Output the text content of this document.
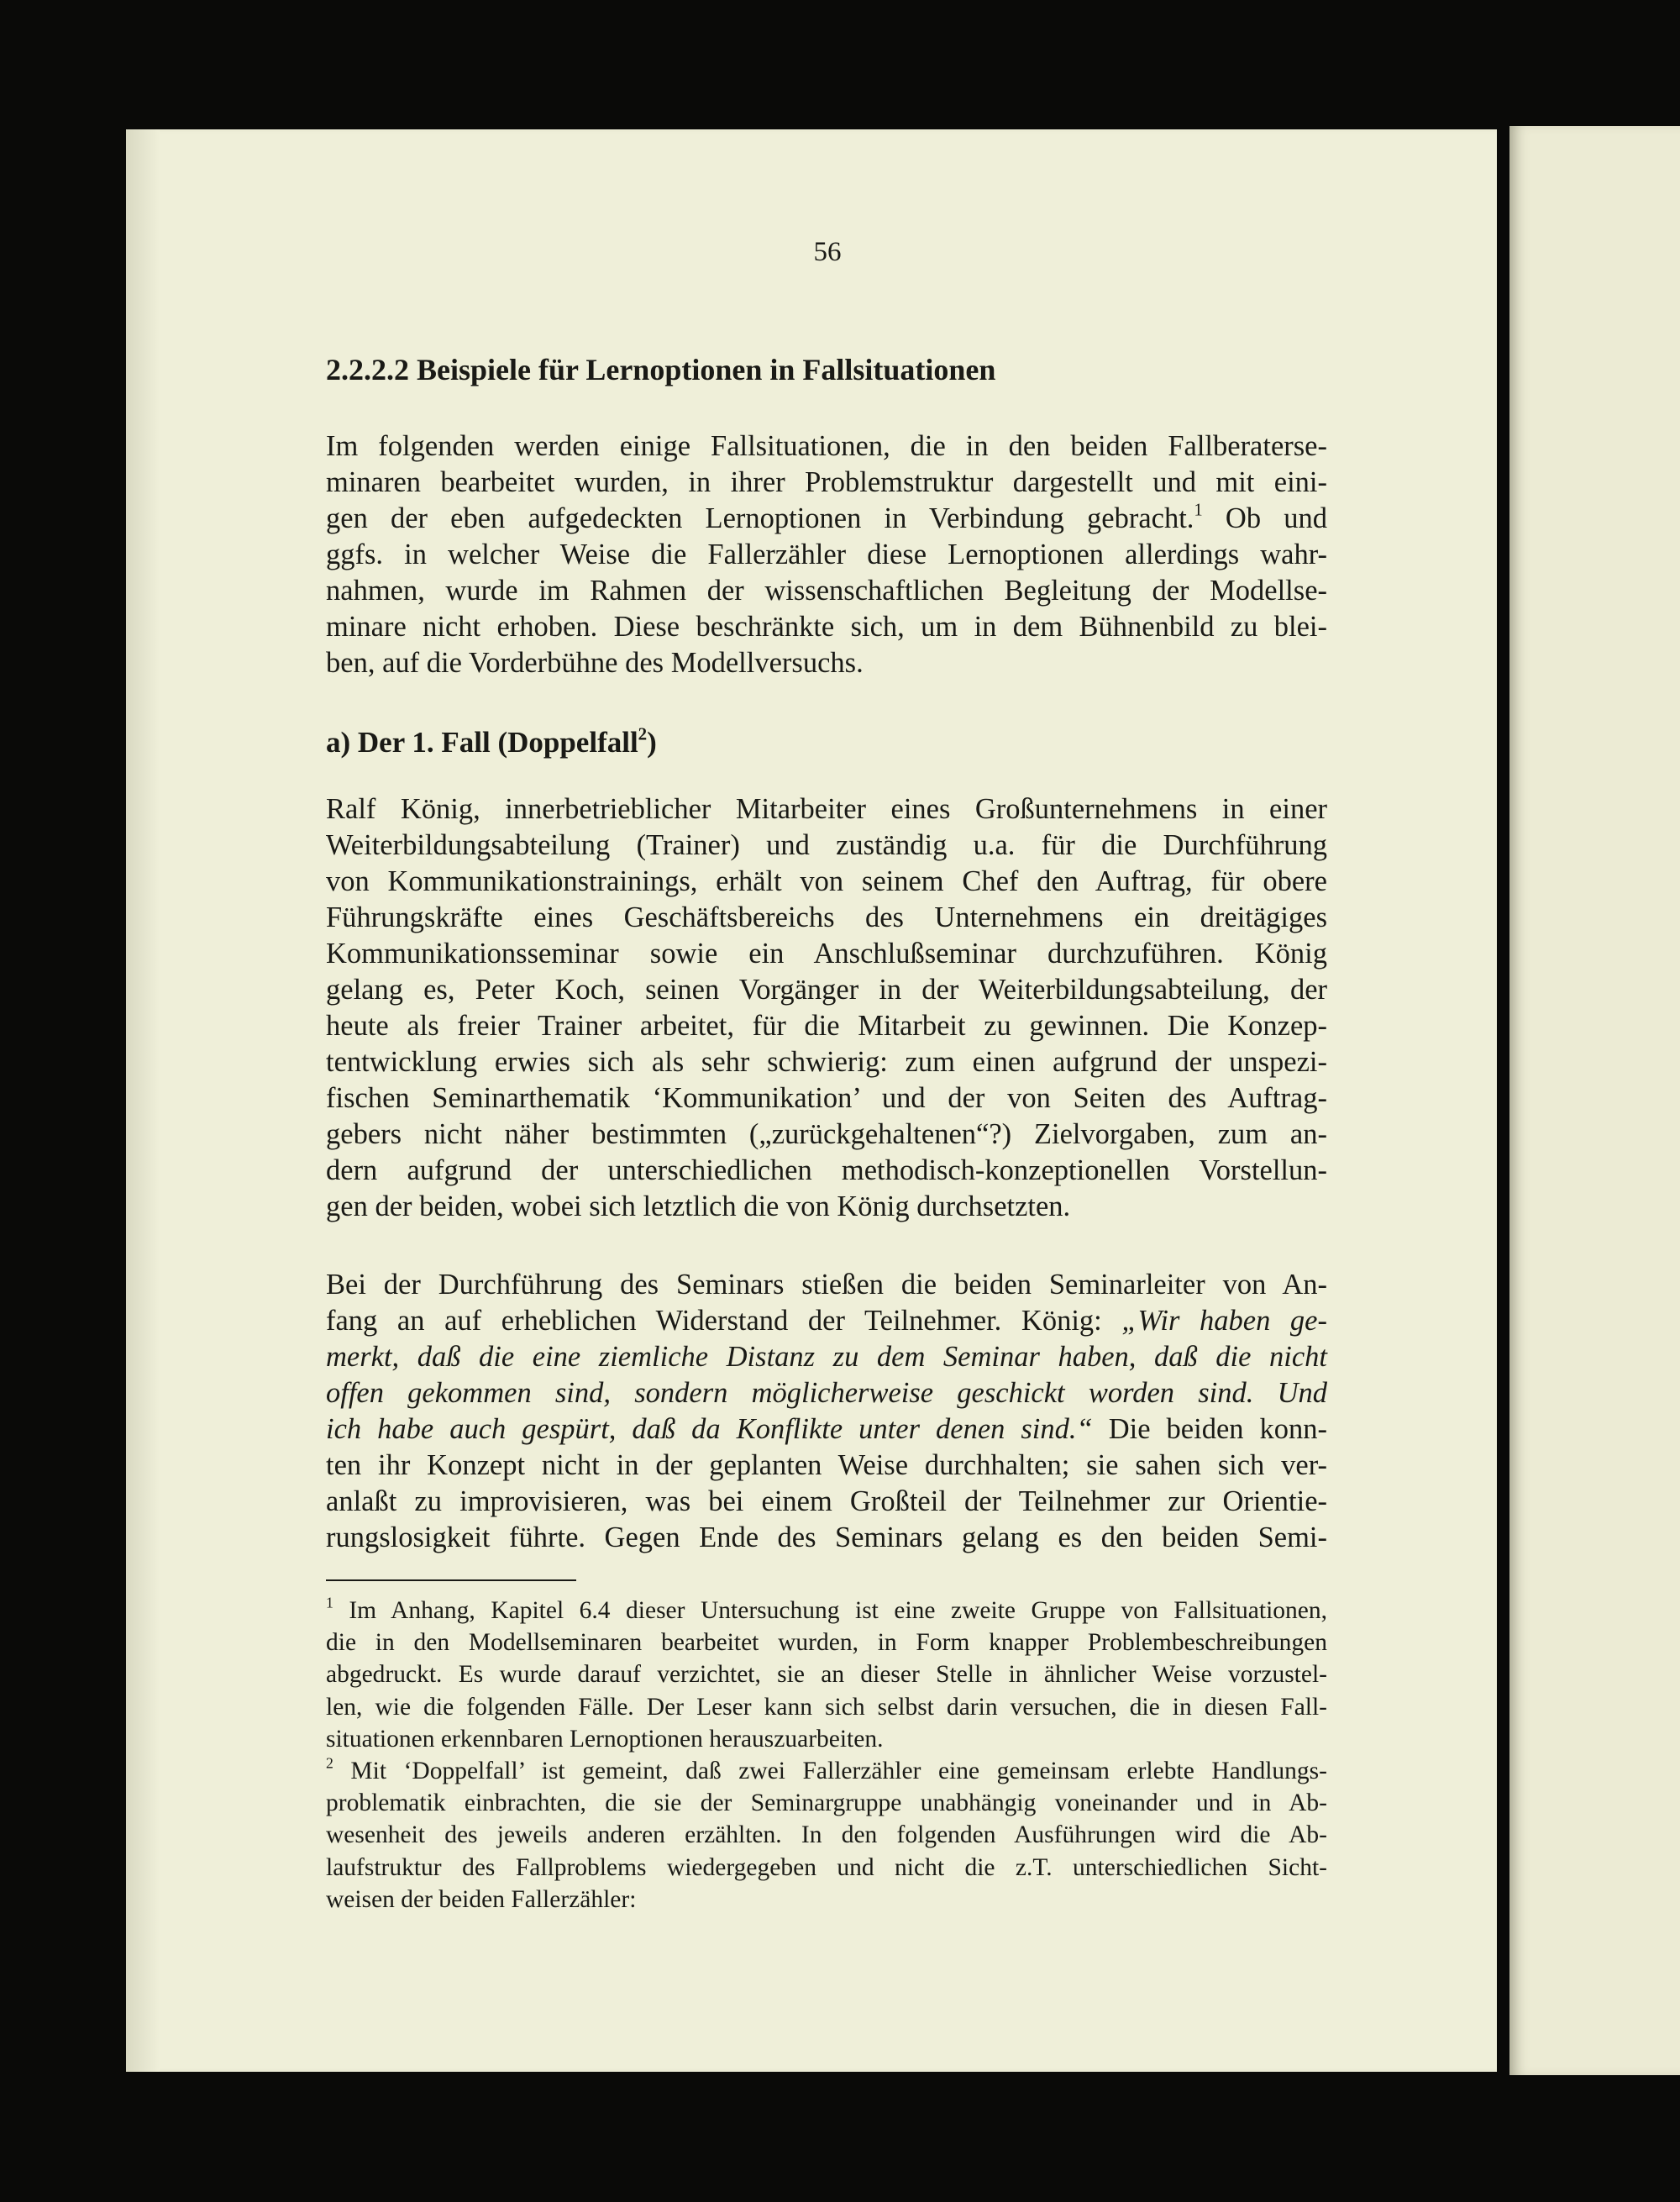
56
2.2.2.2 Beispiele für Lernoptionen in Fallsituationen
Im folgenden werden einige Fallsituationen, die in den beiden Fallberaterse-
minaren bearbeitet wurden, in ihrer Problemstruktur dargestellt und mit eini-
gen der eben aufgedeckten Lernoptionen in Verbindung gebracht.$^1$ Ob und
ggfs. in welcher Weise die Fallerzähler diese Lernoptionen allerdings wahr-
nahmen, wurde im Rahmen der wissenschaftlichen Begleitung der Modellse-
minare nicht erhoben. Diese beschränkte sich, um in dem Bühnenbild zu blei-
ben, auf die Vorderbühne des Modellversuchs.
a) Der 1. Fall (Doppelfall$^2$)
Ralf König, innerbetrieblicher Mitarbeiter eines Großunternehmens in einer
Weiterbildungsabteilung (Trainer) und zuständig u.a. für die Durchführung
von Kommunikationstrainings, erhält von seinem Chef den Auftrag, für obere
Führungskräfte eines Geschäftsbereichs des Unternehmens ein dreitägiges
Kommunikationsseminar sowie ein Anschlußseminar durchzuführen. König
gelang es, Peter Koch, seinen Vorgänger in der Weiterbildungsabteilung, der
heute als freier Trainer arbeitet, für die Mitarbeit zu gewinnen. Die Konzep-
tentwicklung erwies sich als sehr schwierig: zum einen aufgrund der unspezi-
fischen Seminarthematik ‘Kommunikation’ und der von Seiten des Auftrag-
gebers nicht näher bestimmten („zurückgehaltenen“?) Zielvorgaben, zum an-
dern aufgrund der unterschiedlichen methodisch-konzeptionellen Vorstellun-
gen der beiden, wobei sich letztlich die von König durchsetzten.
Bei der Durchführung des Seminars stießen die beiden Seminarleiter von An-
fang an auf erheblichen Widerstand der Teilnehmer. König: „Wir haben ge-
merkt, daß die eine ziemliche Distanz zu dem Seminar haben, daß die nicht
offen gekommen sind, sondern möglicherweise geschickt worden sind. Und
ich habe auch gespürt, daß da Konflikte unter denen sind.“ Die beiden konn-
ten ihr Konzept nicht in der geplanten Weise durchhalten; sie sahen sich ver-
anlaßt zu improvisieren, was bei einem Großteil der Teilnehmer zur Orientie-
rungslosigkeit führte. Gegen Ende des Seminars gelang es den beiden Semi-
$^1$ Im Anhang, Kapitel 6.4 dieser Untersuchung ist eine zweite Gruppe von Fallsituationen,
die in den Modellseminaren bearbeitet wurden, in Form knapper Problembeschreibungen
abgedruckt. Es wurde darauf verzichtet, sie an dieser Stelle in ähnlicher Weise vorzustel-
len, wie die folgenden Fälle. Der Leser kann sich selbst darin versuchen, die in diesen Fall-
situationen erkennbaren Lernoptionen herauszuarbeiten.
$^2$ Mit ‘Doppelfall’ ist gemeint, daß zwei Fallerzähler eine gemeinsam erlebte Handlungs-
problematik einbrachten, die sie der Seminargruppe unabhängig voneinander und in Ab-
wesenheit des jeweils anderen erzählten. In den folgenden Ausführungen wird die Ab-
laufstruktur des Fallproblems wiedergegeben und nicht die z.T. unterschiedlichen Sicht-
weisen der beiden Fallerzähler:
